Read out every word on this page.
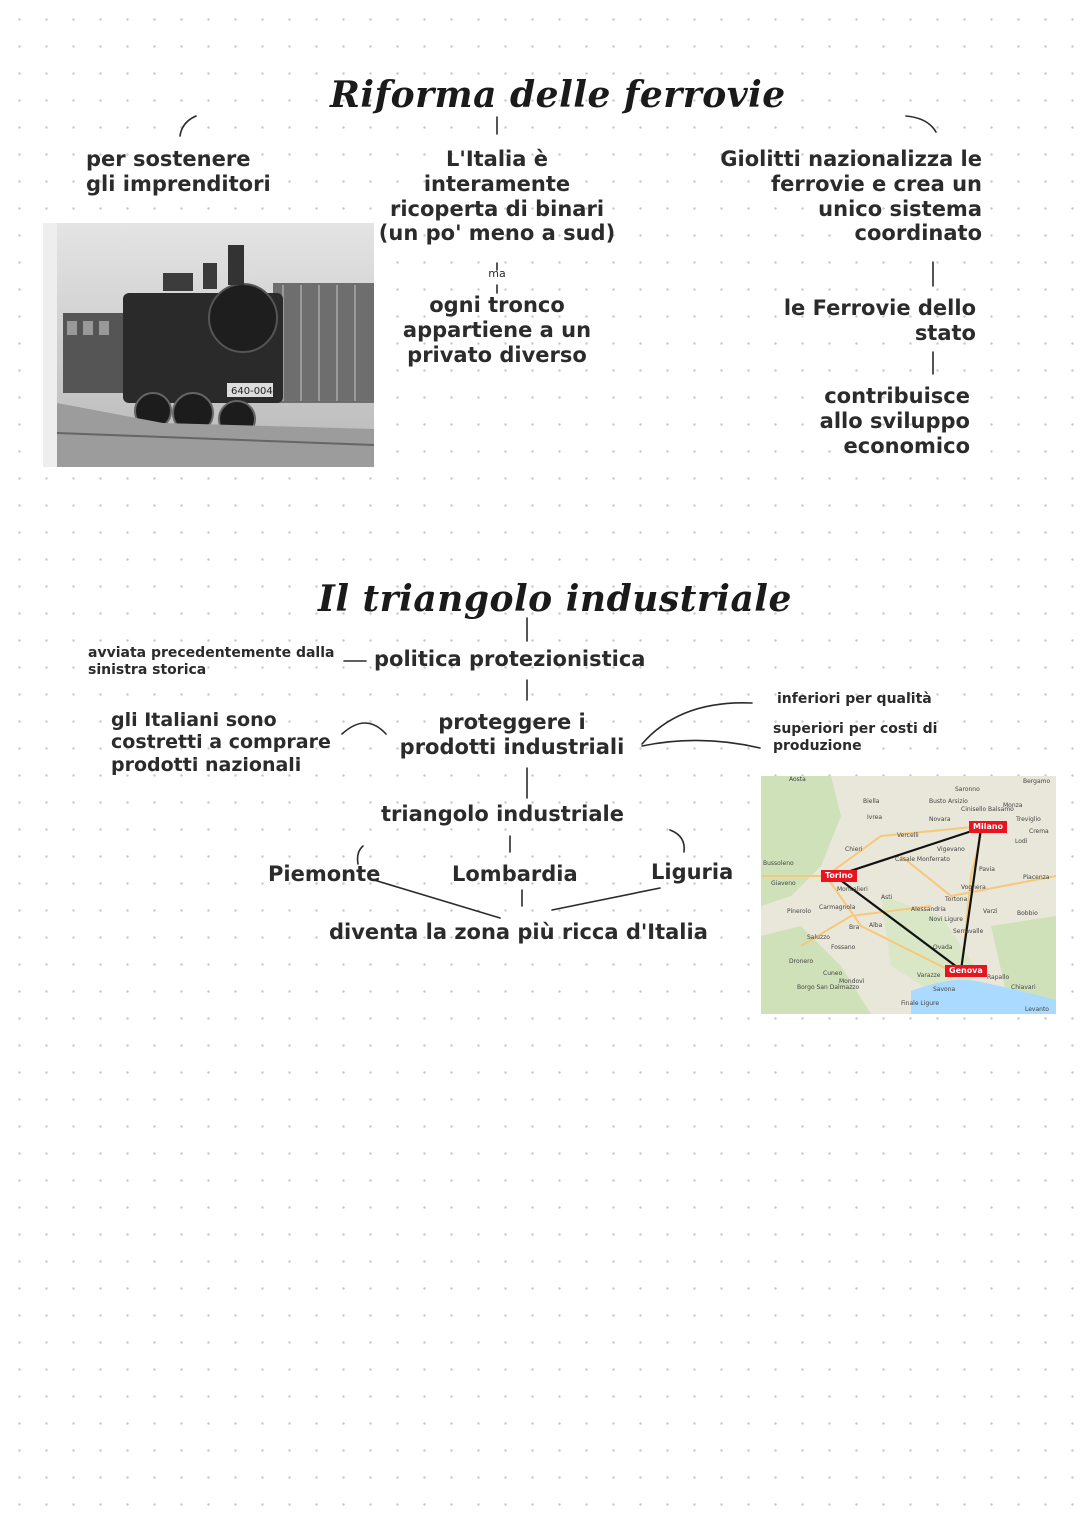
Riforma delle ferrovie

per sostenere
gli imprenditori

L'Italia è
interamente
ricoperta di binari
(un po' meno a sud)

ma

ogni tronco
appartiene a un
privato diverso

Giolitti nazionalizza le
ferrovie e crea un
unico sistema
coordinato

le Ferrovie dello
stato

contribuisce
allo sviluppo
economico

640-004
Il triangolo industriale

avviata precedentemente dalla
sinistra storica	politica protezionistica

gli Italiani sono
costretti a comprare
prodotti nazionali

proteggere i
prodotti industriali

inferiori per qualità

superiori per costi di
produzione

triangolo industriale

Piemonte	Lombardia	Liguria

diventa la zona più ricca d'Italia

Torino
Milano
Genova
Aosta
Biella
Novara
Vercelli
Busto Arsizio
Monza
Bergamo
Treviglio
Crema
Lodi
Pavia
Piacenza
Casale Monferrato
Vigevano
Alessandria
Tortona
Novi Ligure
Asti
Alba
Bra
Cuneo
Saluzzo
Pinerolo
Carmagnola
Moncalieri
Mondovì
Savona
Rapallo
Chiavari
Varazze
Ovada
Voghera
Bobbio
Varzi
Levanto
Borgo San Dalmazzo
Fossano
Ivrea
Chieri
Giaveno
Bussoleno
Dronero
Serravalle
Finale Ligure
Saronno
Cinisello Balsamo
